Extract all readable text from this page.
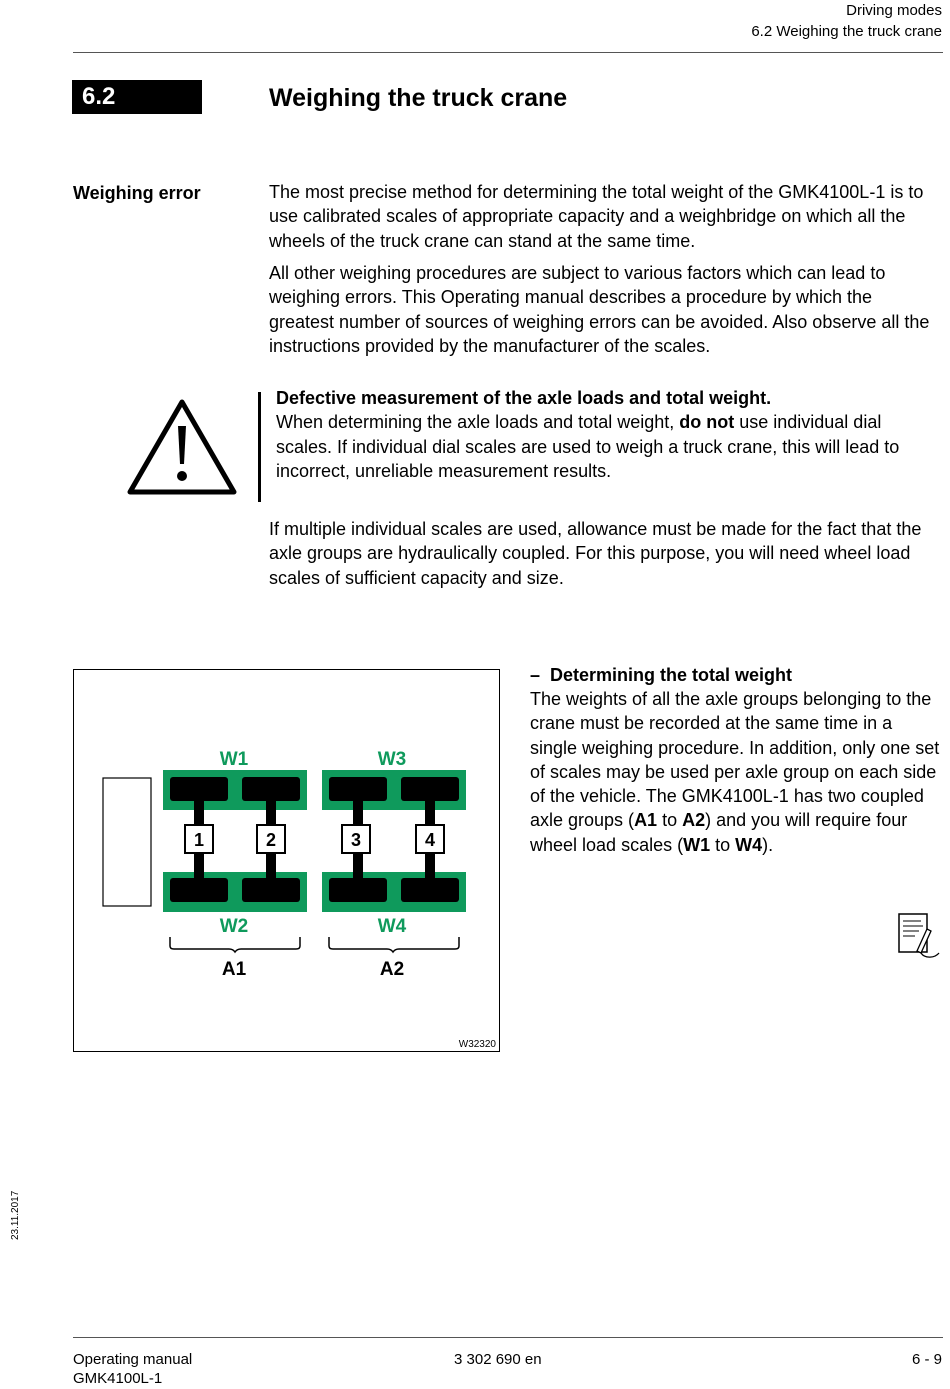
Driving modes
6.2 Weighing the truck crane
6.2	Weighing the truck crane
Weighing error	The most precise method for determining the total weight of the GMK4100L-1 is to use calibrated scales of appropriate capacity and a weighbridge on which all the wheels of the truck crane can stand at the same time.
All other weighing procedures are subject to various factors which can lead to weighing errors. This Operating manual describes a procedure by which the greatest number of sources of weighing errors can be avoided. Also observe all the instructions provided by the manufacturer of the scales.
Defective measurement of the axle loads and total weight.
When determining the axle loads and total weight, do not use individual dial scales. If individual dial scales are used to weigh a truck crane, this will lead to incorrect, unreliable measurement results.
If multiple individual scales are used, allowance must be made for the fact that the axle groups are hydraulically coupled. For this purpose, you will need wheel load scales of sufficient capacity and size.
1	2	3	4
W1
W2
W3
W4
A1	A2
W32320
– Determining the total weight
The weights of all the axle groups belonging to the crane must be recorded at the same time in a single weighing procedure. In addition, only one set of scales may be used per axle group on each side of the vehicle. The GMK4100L-1 has two coupled axle groups (A1 to A2) and you will require four wheel load scales (W1 to W4).
23.11.2017
Operating manual
GMK4100L-1
3 302 690 en	6 - 9
